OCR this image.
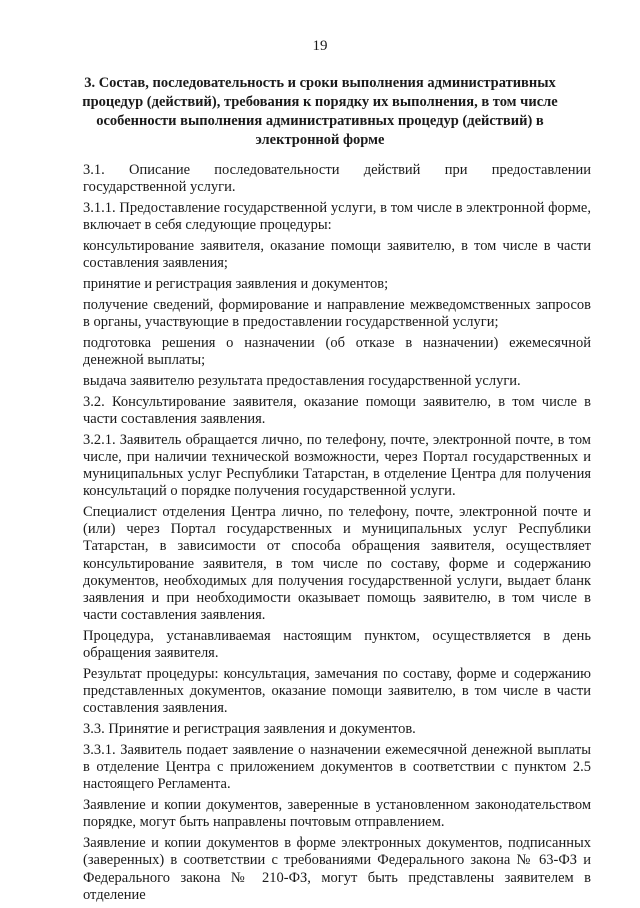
19
3. Состав, последовательность и сроки выполнения административных процедур (действий), требования к порядку их выполнения, в том числе особенности выполнения административных процедур (действий) в электронной форме

3.1. Описание последовательности действий при предоставлении государственной услуги.

3.1.1. Предоставление государственной услуги, в том числе в электронной форме, включает в себя следующие процедуры:

консультирование заявителя, оказание помощи заявителю, в том числе в части составления заявления;

принятие и регистрация заявления и документов;

получение сведений, формирование и направление межведомственных запросов в органы, участвующие в предоставлении государственной услуги;

подготовка решения о назначении (об отказе в назначении) ежемесячной денежной выплаты;

выдача заявителю результата предоставления государственной услуги.

3.2. Консультирование заявителя, оказание помощи заявителю, в том числе в части составления заявления.

3.2.1. Заявитель обращается лично, по телефону, почте, электронной почте, в том числе, при наличии технической возможности, через Портал государственных и муниципальных услуг Республики Татарстан, в отделение Центра для получения консультаций о порядке получения государственной услуги.

Специалист отделения Центра лично, по телефону, почте, электронной почте и (или) через Портал государственных и муниципальных услуг Республики Татарстан, в зависимости от способа обращения заявителя, осуществляет консультирование заявителя, в том числе по составу, форме и содержанию документов, необходимых для получения государственной услуги, выдает бланк заявления и при необходимости оказывает помощь заявителю, в том числе в части составления заявления.

Процедура, устанавливаемая настоящим пунктом, осуществляется в день обращения заявителя.

Результат процедуры: консультация, замечания по составу, форме и содержанию представленных документов, оказание помощи заявителю, в том числе в части составления заявления.

3.3. Принятие и регистрация заявления и документов.

3.3.1. Заявитель подает заявление о назначении ежемесячной денежной выплаты в отделение Центра с приложением документов в соответствии с пунктом 2.5 настоящего Регламента.

Заявление и копии документов, заверенные в установленном законодательством порядке, могут быть направлены почтовым отправлением.

Заявление и копии документов в форме электронных документов, подписанных (заверенных) в соответствии с требованиями Федерального закона № 63-ФЗ и Федерального закона № 210-ФЗ, могут быть представлены заявителем в отделение
